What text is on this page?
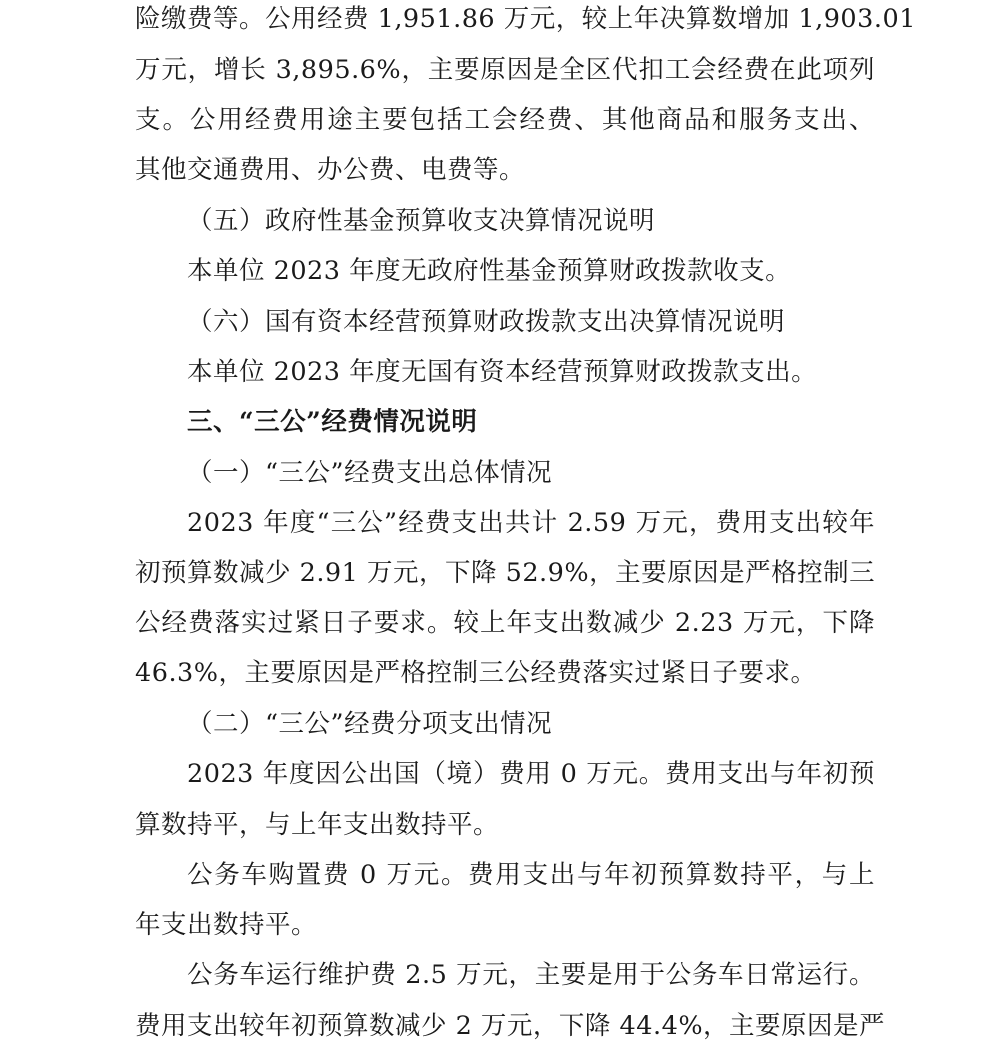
险缴费等。公用经费 1,951.86 万元，较上年决算数增加 1,903.01
万元，增长 3,895.6%，主要原因是全区代扣工会经费在此项列
支。公用经费用途主要包括工会经费、其他商品和服务支出、
其他交通费用、办公费、电费等。
（五）政府性基金预算收支决算情况说明
本单位 2023 年度无政府性基金预算财政拨款收支。
（六）国有资本经营预算财政拨款支出决算情况说明
本单位 2023 年度无国有资本经营预算财政拨款支出。
三、“三公”经费情况说明
（一）“三公”经费支出总体情况
2023 年度“三公”经费支出共计 2.59 万元，费用支出较年
初预算数减少 2.91 万元，下降 52.9%，主要原因是严格控制三
公经费落实过紧日子要求。较上年支出数减少 2.23 万元，下降
46.3%，主要原因是严格控制三公经费落实过紧日子要求。
（二）“三公”经费分项支出情况
2023 年度因公出国（境）费用 0 万元。费用支出与年初预
算数持平，与上年支出数持平。
公务车购置费 0 万元。费用支出与年初预算数持平，与上
年支出数持平。
公务车运行维护费 2.5 万元，主要是用于公务车日常运行。
费用支出较年初预算数减少 2 万元，下降 44.4%，主要原因是严
